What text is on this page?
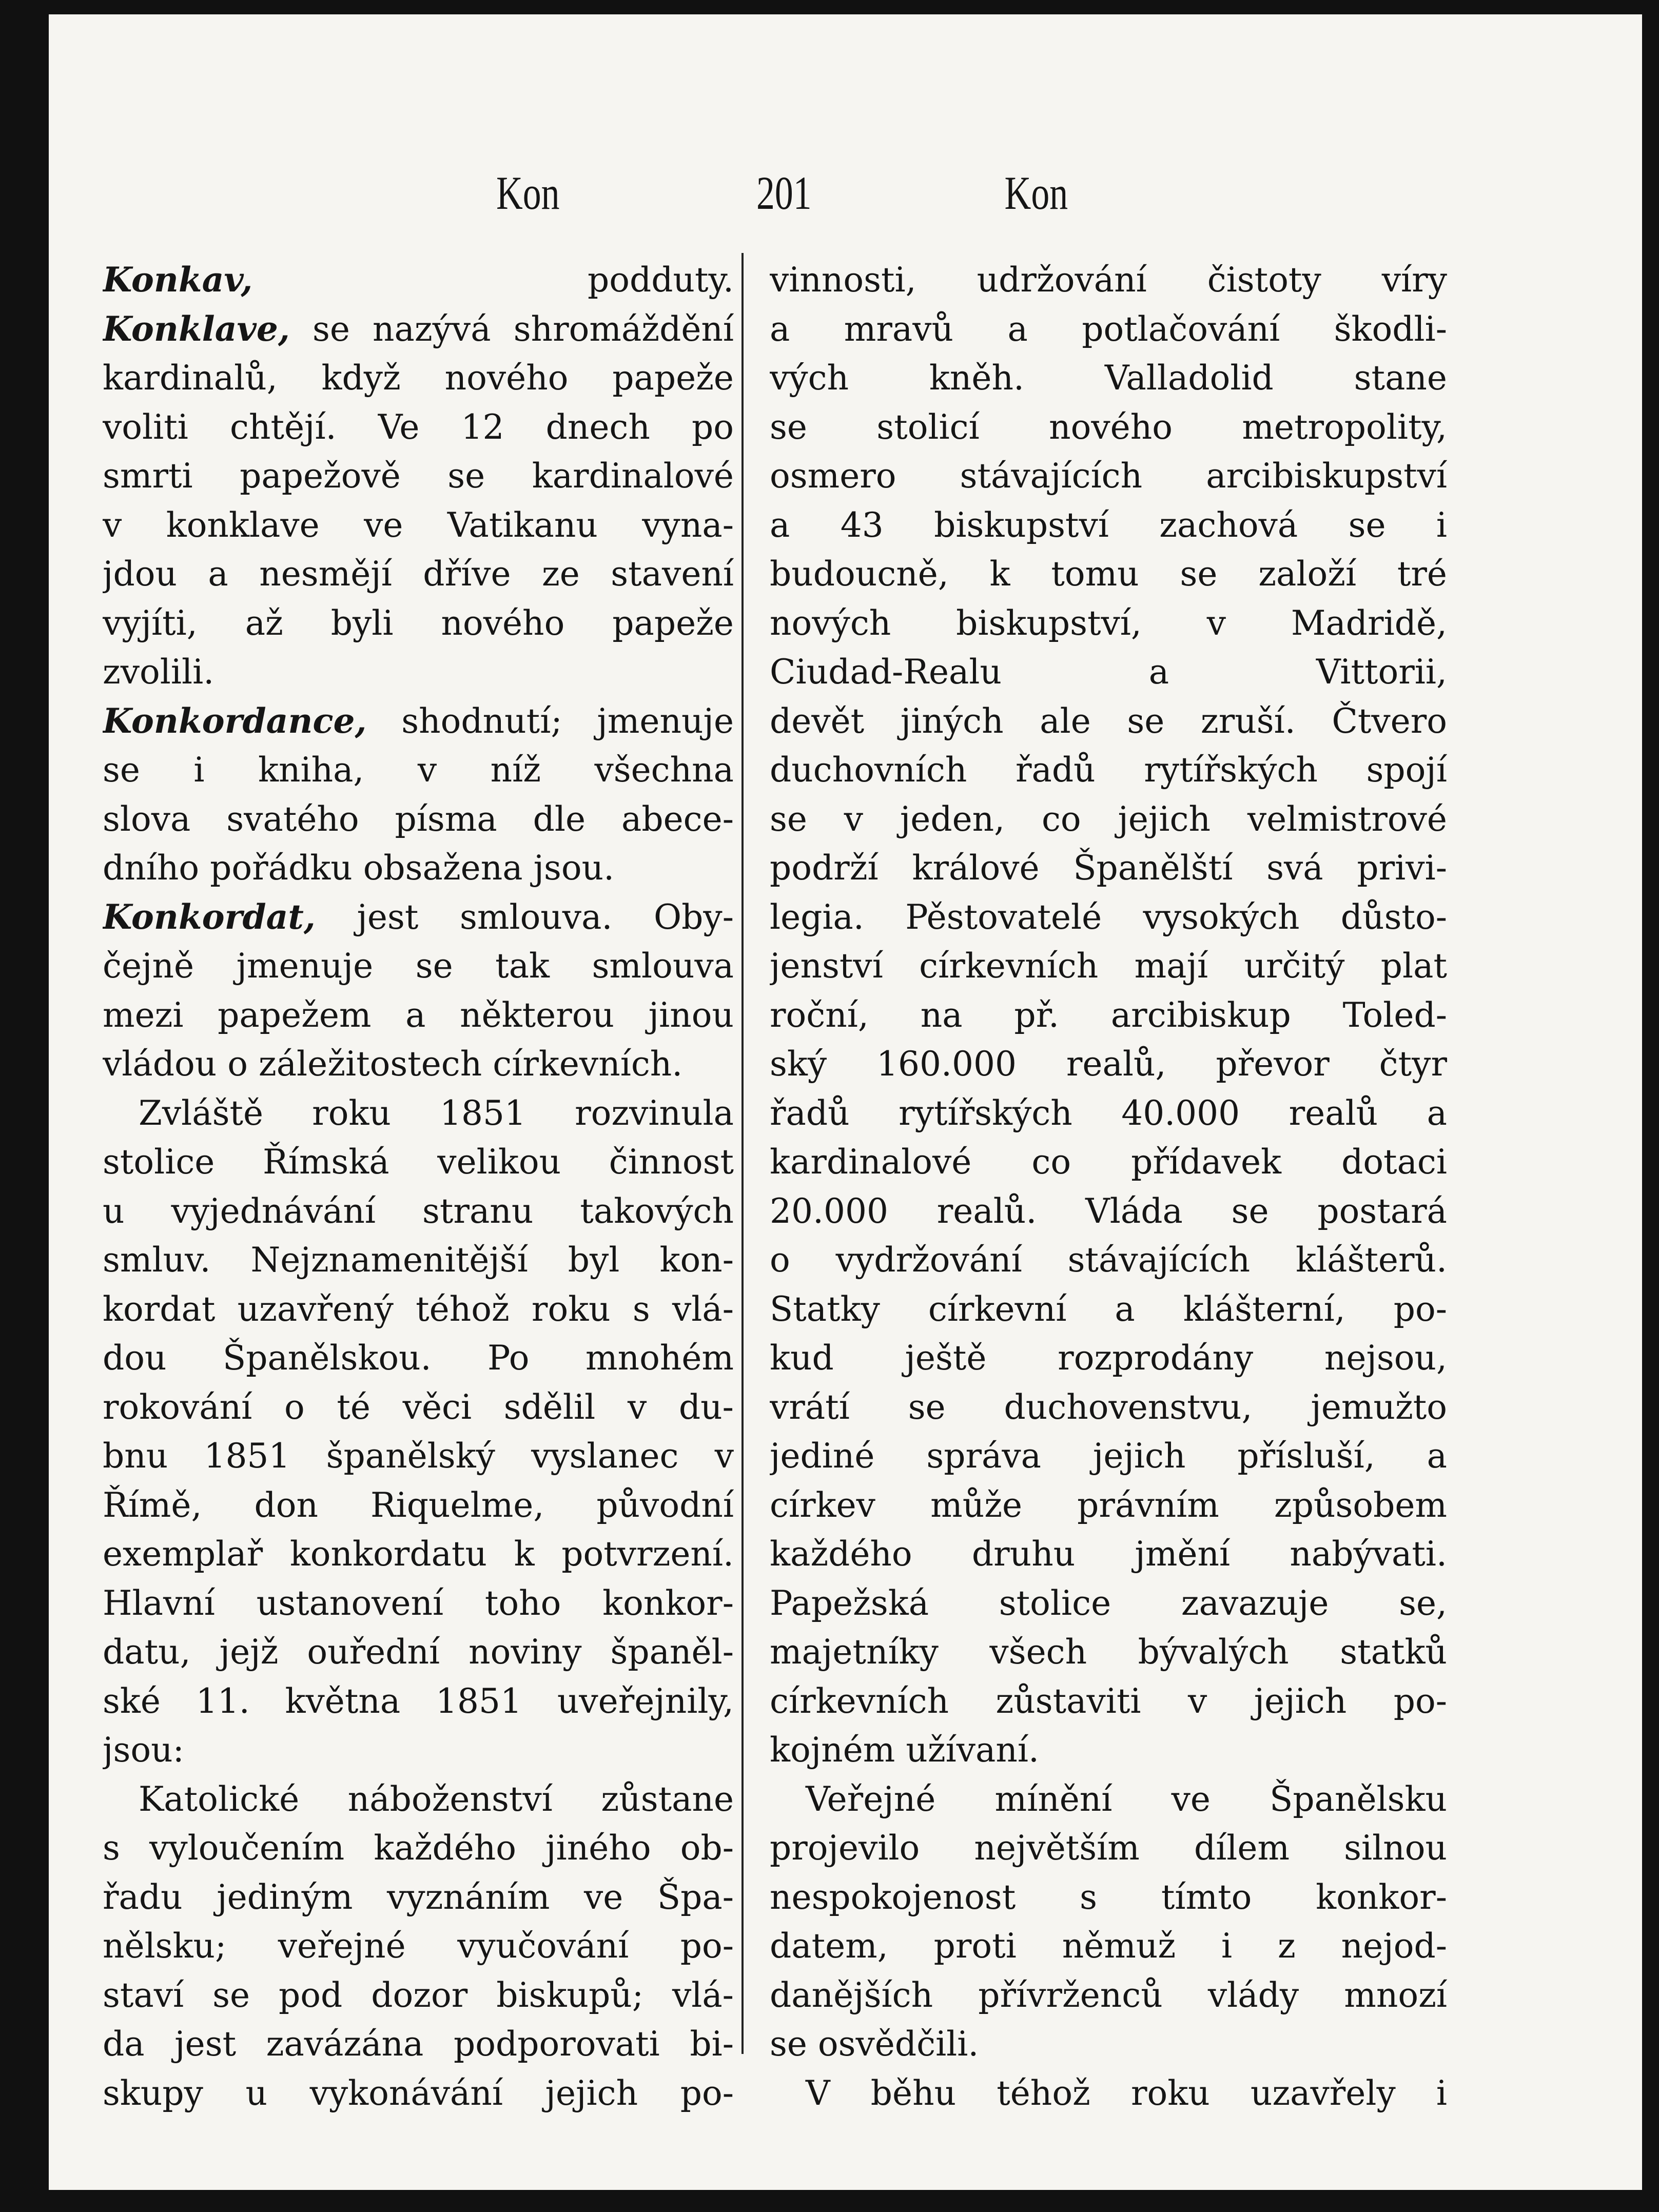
Kon	201	Kon
Konkav, podduty.
Konklave, se nazývá shromáždění
kardinalů, když nového papeže
voliti chtějí. Ve 12 dnech po
smrti papežově se kardinalové
v konklave ve Vatikanu vyna-
jdou a nesmějí dříve ze stavení
vyjíti, až byli nového papeže
zvolili.
Konkordance, shodnutí; jmenuje
se i kniha, v níž všechna
slova svatého písma dle abece-
dního pořádku obsažena jsou.
Konkordat, jest smlouva. Oby-
čejně jmenuje se tak smlouva
mezi papežem a některou jinou
vládou o záležitostech církevních.
Zvláště roku 1851 rozvinula
stolice Římská velikou činnost
u vyjednávání stranu takových
smluv. Nejznamenitější byl kon-
kordat uzavřený téhož roku s vlá-
dou Španělskou. Po mnohém
rokování o té věci sdělil v du-
bnu 1851 španělský vyslanec v
Římě, don Riquelme, původní
exemplař konkordatu k potvrzení.
Hlavní ustanovení toho konkor-
datu, jejž ouřední noviny španěl-
ské 11. května 1851 uveřejnily,
jsou:
Katolické náboženství zůstane
s vyloučením každého jiného ob-
řadu jediným vyznáním ve Špa-
nělsku; veřejné vyučování po-
staví se pod dozor biskupů; vlá-
da jest zavázána podporovati bi-
skupy u vykonávání jejich po-
vinnosti, udržování čistoty víry
a mravů a potlačování škodli-
vých kněh. Valladolid stane
se stolicí nového metropolity,
osmero stávajících arcibiskupství
a 43 biskupství zachová se i
budoucně, k tomu se založí tré
nových biskupství, v Madridě,
Ciudad-Realu a Vittorii,
devět jiných ale se zruší. Čtvero
duchovních řadů rytířských spojí
se v jeden, co jejich velmistrové
podrží králové Španělští svá privi-
legia. Pěstovatelé vysokých důsto-
jenství církevních mají určitý plat
roční, na př. arcibiskup Toled-
ský 160.000 realů, převor čtyr
řadů rytířských 40.000 realů a
kardinalové co přídavek dotaci
20.000 realů. Vláda se postará
o vydržování stávajících klášterů.
Statky církevní a klášterní, po-
kud ještě rozprodány nejsou,
vrátí se duchovenstvu, jemužto
jediné správa jejich přísluší, a
církev může právním způsobem
každého druhu jmění nabývati.
Papežská stolice zavazuje se,
majetníky všech bývalých statků
církevních zůstaviti v jejich po-
kojném užívaní.
Veřejné mínění ve Španělsku
projevilo největším dílem silnou
nespokojenost s tímto konkor-
datem, proti němuž i z nejod-
danějších přívrženců vlády mnozí
se osvědčili.
V běhu téhož roku uzavřely i
